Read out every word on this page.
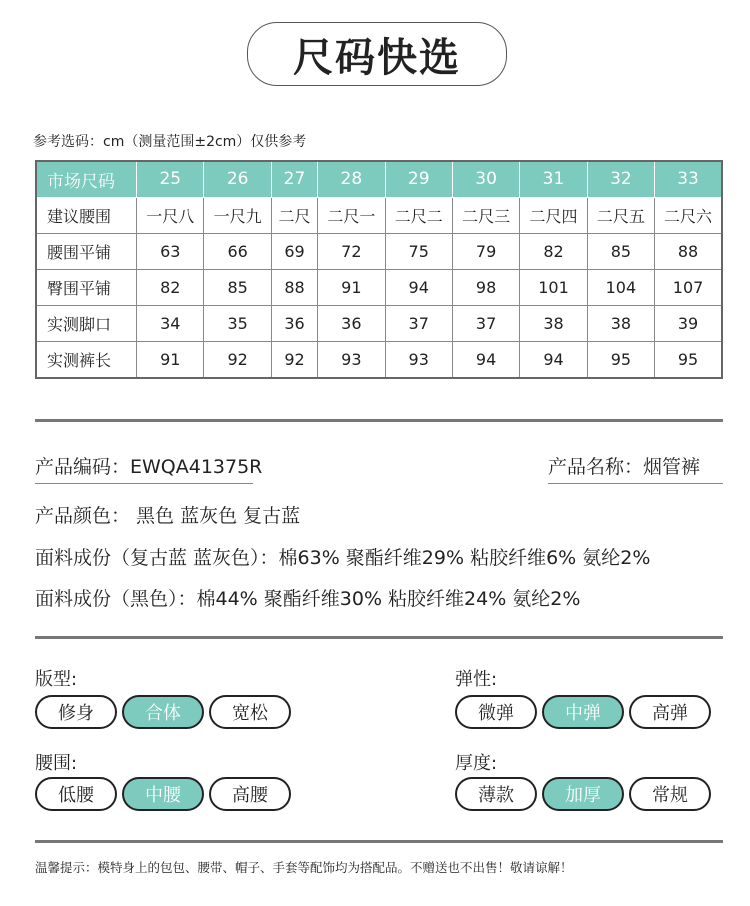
尺码快选
参考选码：cm（测量范围±2cm）仅供参考
市场尺码	25	26	27	28	29	30	31	32	33
建议腰围	一尺八	一尺九	二尺	二尺一	二尺二	二尺三	二尺四	二尺五	二尺六
腰围平铺	63	66	69	72	75	79	82	85	88
臀围平铺	82	85	88	91	94	98	101	104	107
实测脚口	34	35	36	36	37	37	38	38	39
实测裤长	91	92	92	93	93	94	94	95	95
产品编码：EWQA41375R	产品名称：烟管裤
产品颜色： 黑色 蓝灰色 复古蓝
面料成份（复古蓝 蓝灰色）：棉63% 聚酯纤维29% 粘胶纤维6% 氨纶2%
面料成份（黑色）：棉44% 聚酯纤维30% 粘胶纤维24% 氨纶2%
版型:	弹性:
腰围:	厚度:
修身	合体	宽松	微弹	中弹	高弹
低腰	中腰	高腰	薄款	加厚	常规
温馨提示：模特身上的包包、腰带、帽子、手套等配饰均为搭配品。不赠送也不出售！敬请谅解！
